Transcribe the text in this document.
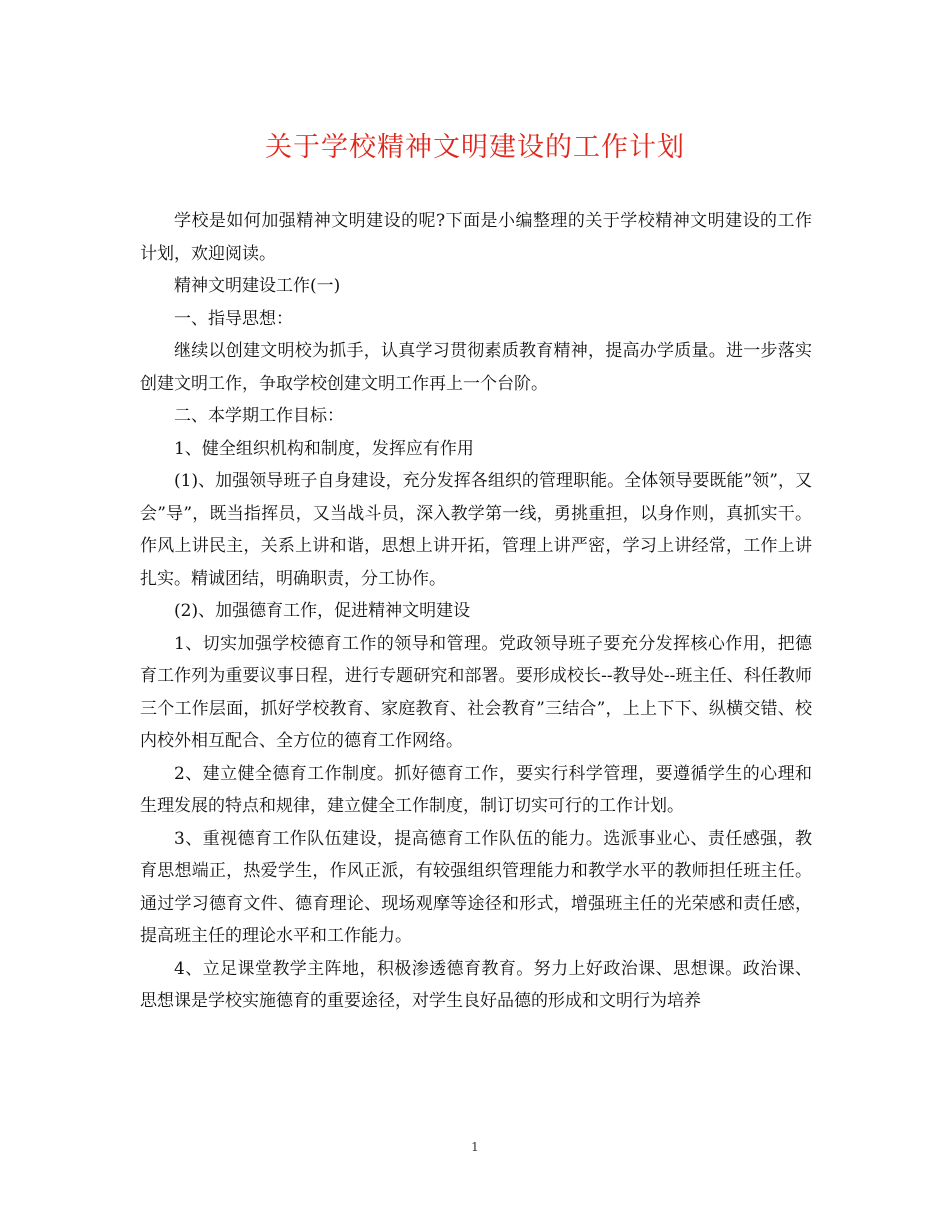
关于学校精神文明建设的工作计划

学校是如何加强精神文明建设的呢?下面是小编整理的关于学校精神文明建设的工作计划，欢迎阅读。

精神文明建设工作(一)

一、指导思想：

继续以创建文明校为抓手，认真学习贯彻素质教育精神，提高办学质量。进一步落实创建文明工作，争取学校创建文明工作再上一个台阶。

二、本学期工作目标：

1、健全组织机构和制度，发挥应有作用

(1)、加强领导班子自身建设，充分发挥各组织的管理职能。全体领导要既能”领”，又会”导”，既当指挥员，又当战斗员，深入教学第一线，勇挑重担，以身作则，真抓实干。作风上讲民主，关系上讲和谐，思想上讲开拓，管理上讲严密，学习上讲经常，工作上讲扎实。精诚团结，明确职责，分工协作。

(2)、加强德育工作，促进精神文明建设

1、切实加强学校德育工作的领导和管理。党政领导班子要充分发挥核心作用，把德育工作列为重要议事日程，进行专题研究和部署。要形成校长--教导处--班主任、科任教师三个工作层面，抓好学校教育、家庭教育、社会教育”三结合”，上上下下、纵横交错、校内校外相互配合、全方位的德育工作网络。

2、建立健全德育工作制度。抓好德育工作，要实行科学管理，要遵循学生的心理和生理发展的特点和规律，建立健全工作制度，制订切实可行的工作计划。

3、重视德育工作队伍建设，提高德育工作队伍的能力。选派事业心、责任感强，教育思想端正，热爱学生，作风正派，有较强组织管理能力和教学水平的教师担任班主任。通过学习德育文件、德育理论、现场观摩等途径和形式，增强班主任的光荣感和责任感，提高班主任的理论水平和工作能力。

4、立足课堂教学主阵地，积极渗透德育教育。努力上好政治课、思想课。政治课、思想课是学校实施德育的重要途径，对学生良好品德的形成和文明行为培养

1
